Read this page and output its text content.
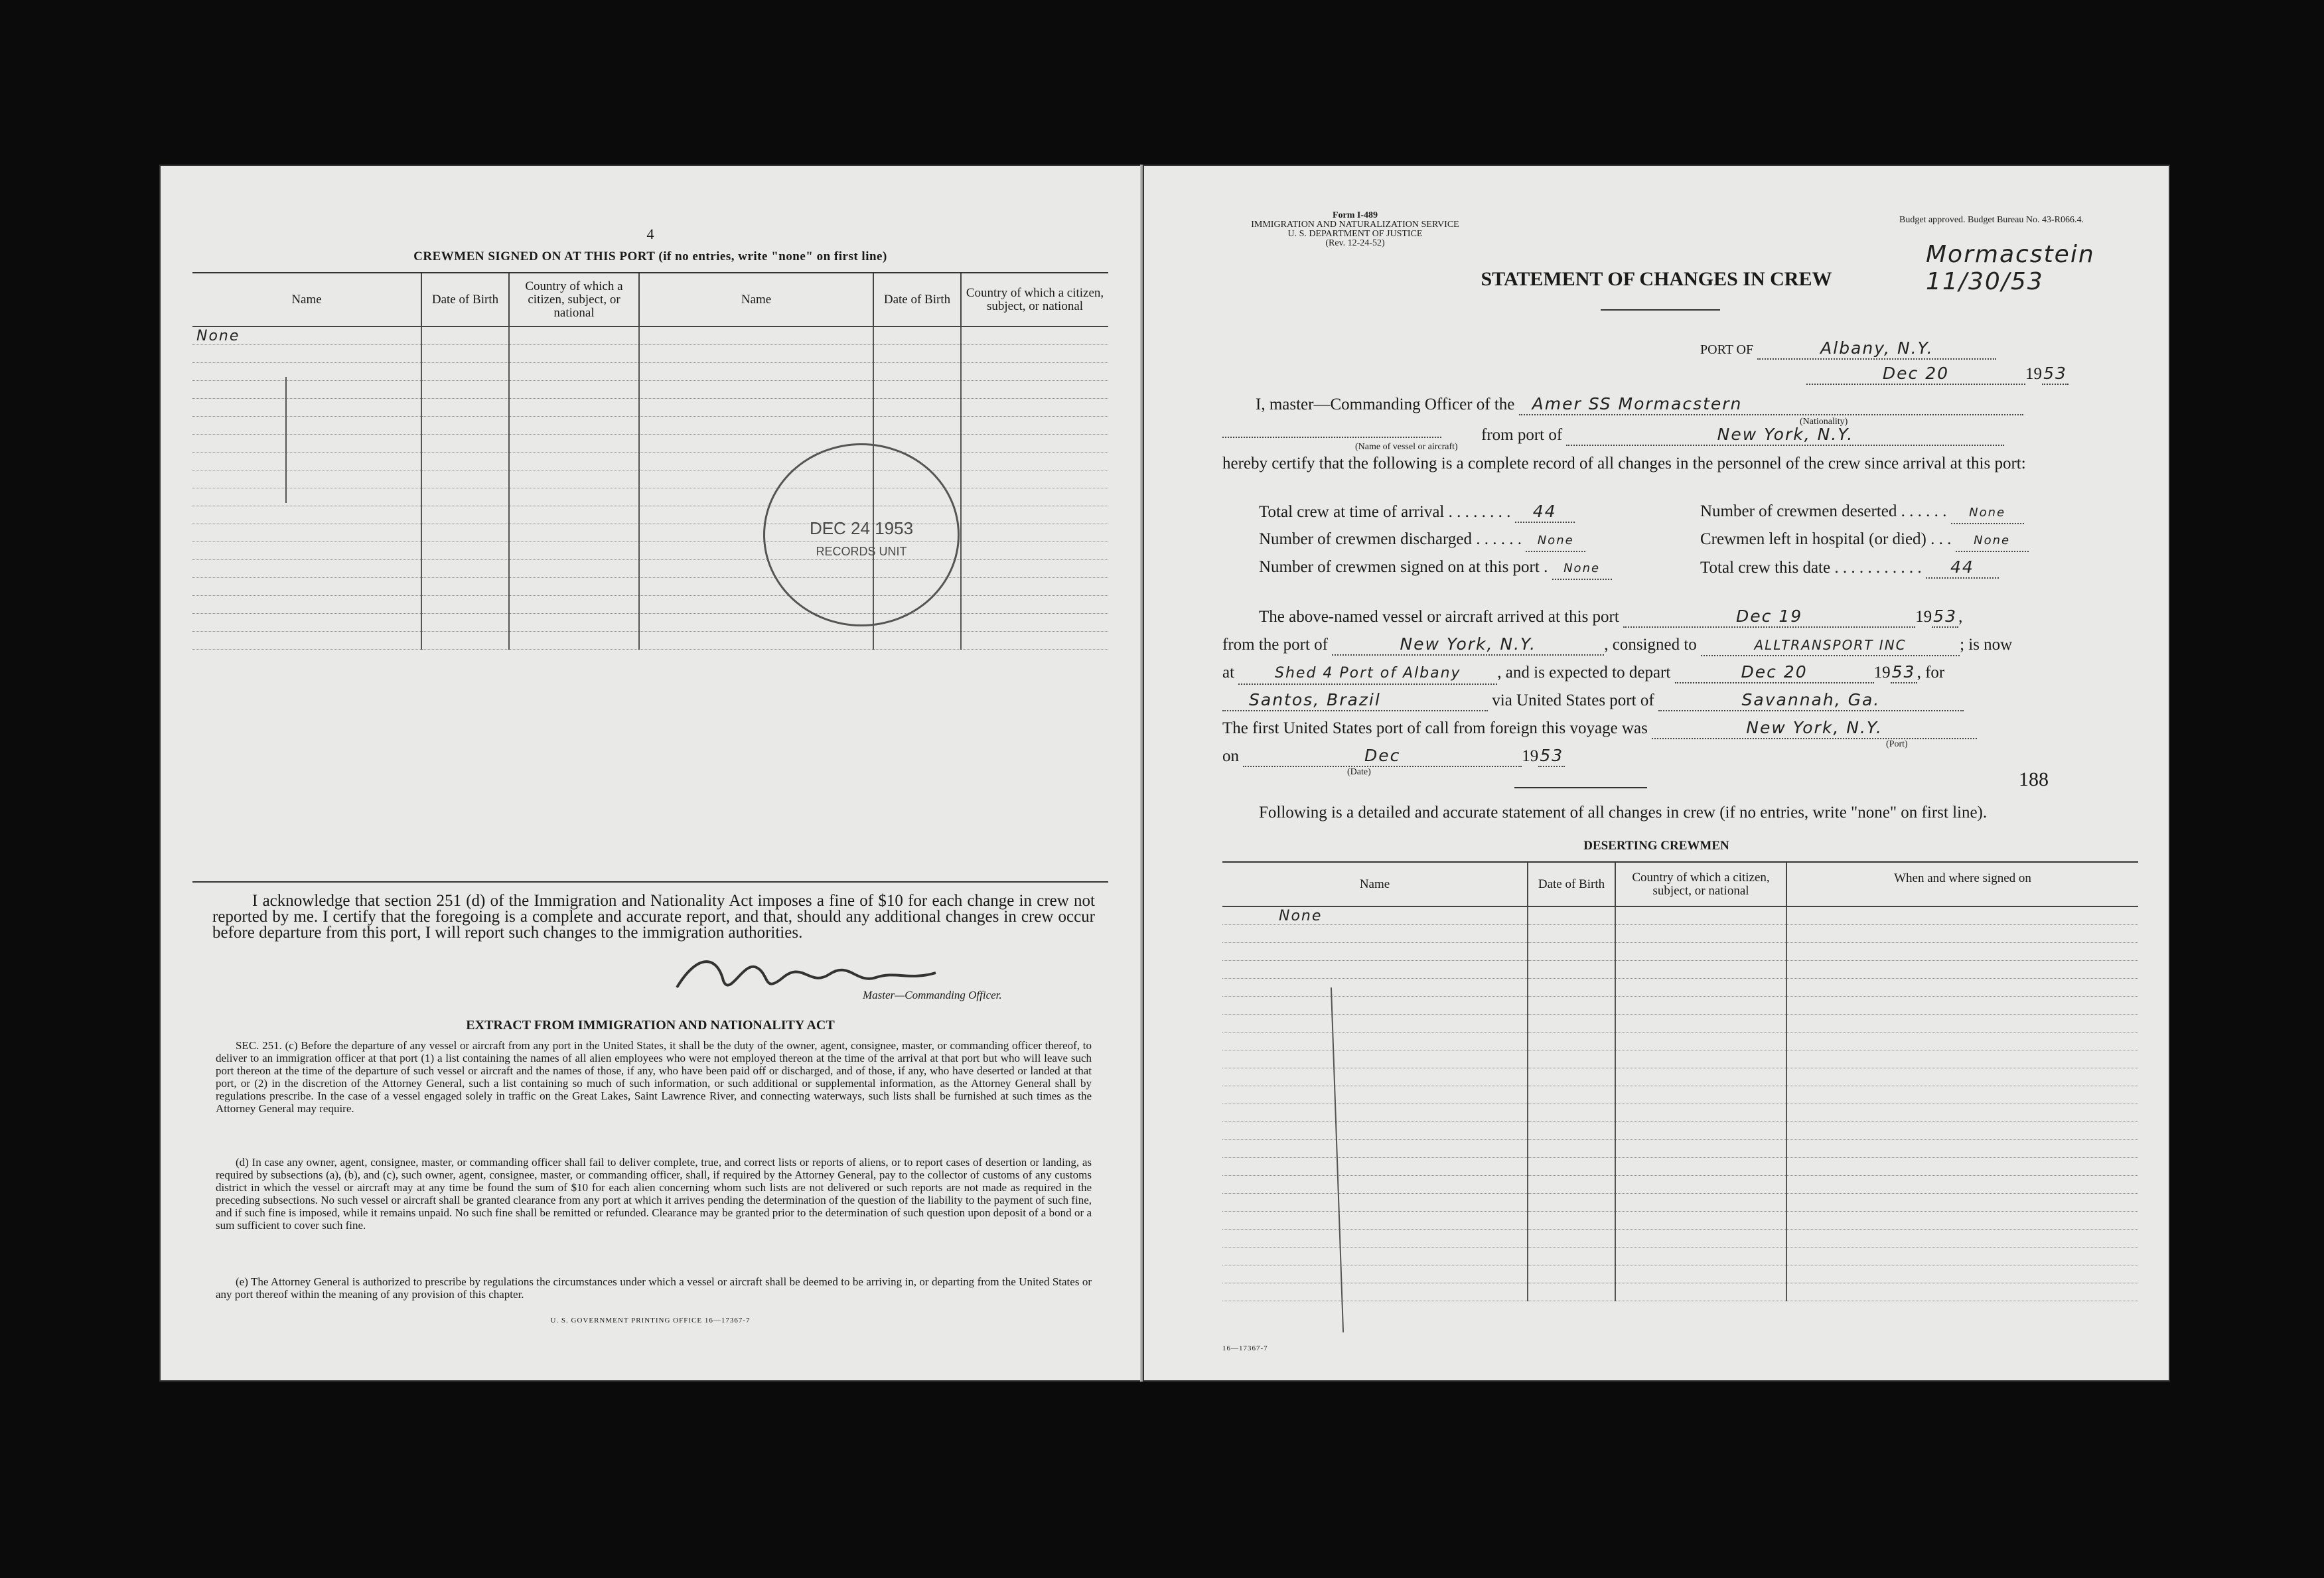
4
CREWMEN SIGNED ON AT THIS PORT (if no entries, write "none" on first line)
Name	Date of Birth	Country of which a citizen, subject, or national	Name	Date of Birth	Country of which a citizen, subject, or national
None					

DEC 24 1953
RECORDS UNIT
I acknowledge that section 251 (d) of the Immigration and Nationality Act imposes a fine of $10 for each change in crew not reported by me. I certify that the foregoing is a complete and accurate report, and that, should any additional changes in crew occur before departure from this port, I will report such changes to the immigration authorities.
Master—Commanding Officer.
EXTRACT FROM IMMIGRATION AND NATIONALITY ACT
SEC. 251. (c) Before the departure of any vessel or aircraft from any port in the United States, it shall be the duty of the owner, agent, consignee, master, or commanding officer thereof, to deliver to an immigration officer at that port (1) a list containing the names of all alien employees who were not employed thereon at the time of the arrival at that port but who will leave such port thereon at the time of the departure of such vessel or aircraft and the names of those, if any, who have been paid off or discharged, and of those, if any, who have deserted or landed at that port, or (2) in the discretion of the Attorney General, such a list containing so much of such information, or such additional or supplemental information, as the Attorney General shall by regulations prescribe. In the case of a vessel engaged solely in traffic on the Great Lakes, Saint Lawrence River, and connecting waterways, such lists shall be furnished at such times as the Attorney General may require.
(d) In case any owner, agent, consignee, master, or commanding officer shall fail to deliver complete, true, and correct lists or reports of aliens, or to report cases of desertion or landing, as required by subsections (a), (b), and (c), such owner, agent, consignee, master, or commanding officer, shall, if required by the Attorney General, pay to the collector of customs of any customs district in which the vessel or aircraft may at any time be found the sum of $10 for each alien concerning whom such lists are not delivered or such reports are not made as required in the preceding subsections. No such vessel or aircraft shall be granted clearance from any port at which it arrives pending the determination of the question of the liability to the payment of such fine, and if such fine is imposed, while it remains unpaid. No such fine shall be remitted or refunded. Clearance may be granted prior to the determination of such question upon deposit of a bond or a sum sufficient to cover such fine.
(e) The Attorney General is authorized to prescribe by regulations the circumstances under which a vessel or aircraft shall be deemed to be arriving in, or departing from the United States or any port thereof within the meaning of any provision of this chapter.
U. S. GOVERNMENT PRINTING OFFICE 16—17367-7
Form I-489
IMMIGRATION AND NATURALIZATION SERVICE
U. S. DEPARTMENT OF JUSTICE
(Rev. 12-24-52)
Budget approved. Budget Bureau No. 43-R066.4.
Mormacstein 11/30/53
STATEMENT OF CHANGES IN CREW
PORT OF	Albany, N.Y.
Dec 20	1953
I, master—Commanding Officer of the Amer SS Mormacstern
(Nationality)
from port of	New York, N.Y.
(Name of vessel or aircraft)
hereby certify that the following is a complete record of all changes in the personnel of the crew since arrival at this port:
Total crew at time of arrival . . . . . . . . 44	Number of crewmen deserted . . . . . . None
Number of crewmen discharged . . . . . . None	Crewmen left in hospital (or died) . . . None
Number of crewmen signed on at this port . None	Total crew this date . . . . . . . . . . . 44
The above-named vessel or aircraft arrived at this port	Dec 19	1953,
from the port of	New York, N.Y.	, consigned to	ALLTRANSPORT INC	; is now
at	Shed 4 Port of Albany , and is expected to depart	Dec 20	1953, for
Santos, Brazil	via United States port of	Savannah, Ga.
The first United States port of call from foreign this voyage was	New York, N.Y.
(Port)
on	Dec	1953
(Date)	188
Following is a detailed and accurate statement of all changes in crew (if no entries, write "none" on first line).
DESERTING CREWMEN
Name	Date of Birth	Country of which a citizen, subject, or national	When and where signed on
None			

16—17367-7
